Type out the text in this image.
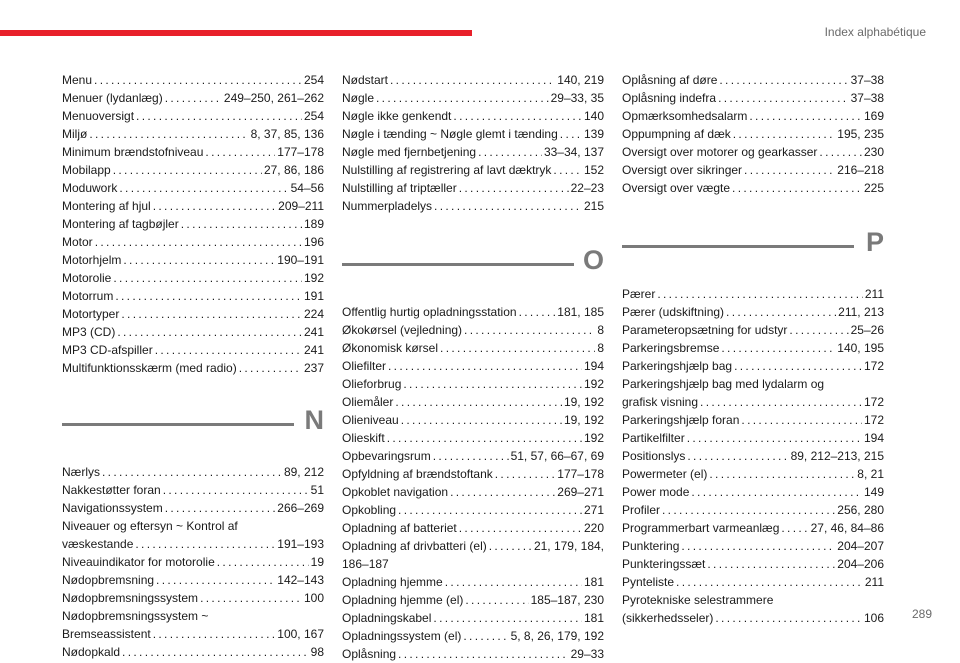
Index alphabétique
Menu . . .	254
Menuer (lydanlæg) . . .	249–250, 261–262
Menuoversigt . . .	254
Miljø . . .	8, 37, 85, 136
Minimum brændstofniveau . . .	177–178
Mobilapp . . .	27, 86, 186
Moduwork . . .	54–56
Montering af hjul . . .	209–211
Montering af tagbøjler . . .	189
Motor . . .	196
Motorhjelm . . .	190–191
Motorolie . . .	192
Motorrum . . .	191
Motortyper . . .	224
MP3 (CD) . . .	241
MP3 CD-afspiller . . .	241
Multifunktionsskærm (med radio) . . .	237
N
Nærlys . . .	89, 212
Nakkestøtter foran . . .	51
Navigationssystem . . .	266–269
Niveauer og eftersyn ~ Kontrol af
væskestande . . .	191–193
Niveauindikator for motorolie . . .	19
Nødopbremsning . . .	142–143
Nødopbremsningssystem . . .	100
Nødopbremsningssystem ~
Bremseassistent . . .	100, 167
Nødopkald . . .	98
Nødstart . . .	140, 219
Nøgle . . .	29–33, 35
Nøgle ikke genkendt . . .	140
Nøgle i tænding ~ Nøgle glemt i tænding . . . 139
Nøgle med fjernbetjening . . .	33–34, 137
Nulstilling af registrering af lavt dæktryk . . .	152
Nulstilling af triptæller . . .	22–23
Nummerpladelys . . .	215
O
Offentlig hurtig opladningsstation . . .	181, 185
Økokørsel (vejledning) . . .	8
Økonomisk kørsel . . .	8
Oliefilter . . .	194
Olieforbrug . . .	192
Oliemåler . . .	19, 192
Olieniveau . . .	19, 192
Olieskift . . .	192
Opbevaringsrum . . .	51, 57, 66–67, 69
Opfyldning af brændstoftank . . .	177–178
Opkoblet navigation . . .	269–271
Opkobling . . .	271
Opladning af batteriet . . .	220
Opladning af drivbatteri (el) . . .	21, 179, 184,
186–187
Opladning hjemme . . .	181
Opladning hjemme (el) . . .	185–187, 230
Opladningskabel . . .	181
Opladningssystem (el) . . .	5, 8, 26, 179, 192
Oplåsning . . .	29–33
Oplåsning af døre . . .	37–38
Oplåsning indefra . . .	37–38
Opmærksomhedsalarm . . .	169
Oppumpning af dæk . . .	195, 235
Oversigt over motorer og gearkasser . . .	230
Oversigt over sikringer . . .	216–218
Oversigt over vægte . . .	225
P
Pærer . . .	211
Pærer (udskiftning) . . .	211, 213
Parameteropsætning for udstyr . . .	25–26
Parkeringsbremse . . .	140, 195
Parkeringshjælp bag . . .	172
Parkeringshjælp bag med lydalarm og
grafisk visning . . .	172
Parkeringshjælp foran . . .	172
Partikelfilter . . .	194
Positionslys . . .	89, 212–213, 215
Powermeter (el) . . .	8, 21
Power mode . . .	149
Profiler . . .	256, 280
Programmerbart varmeanlæg . . .	27, 46, 84–86
Punktering . . .	204–207
Punkteringssæt . . .	204–206
Pynteliste . . .	211
Pyrotekniske selestrammere
(sikkerhedsseler) . . .	106 289
